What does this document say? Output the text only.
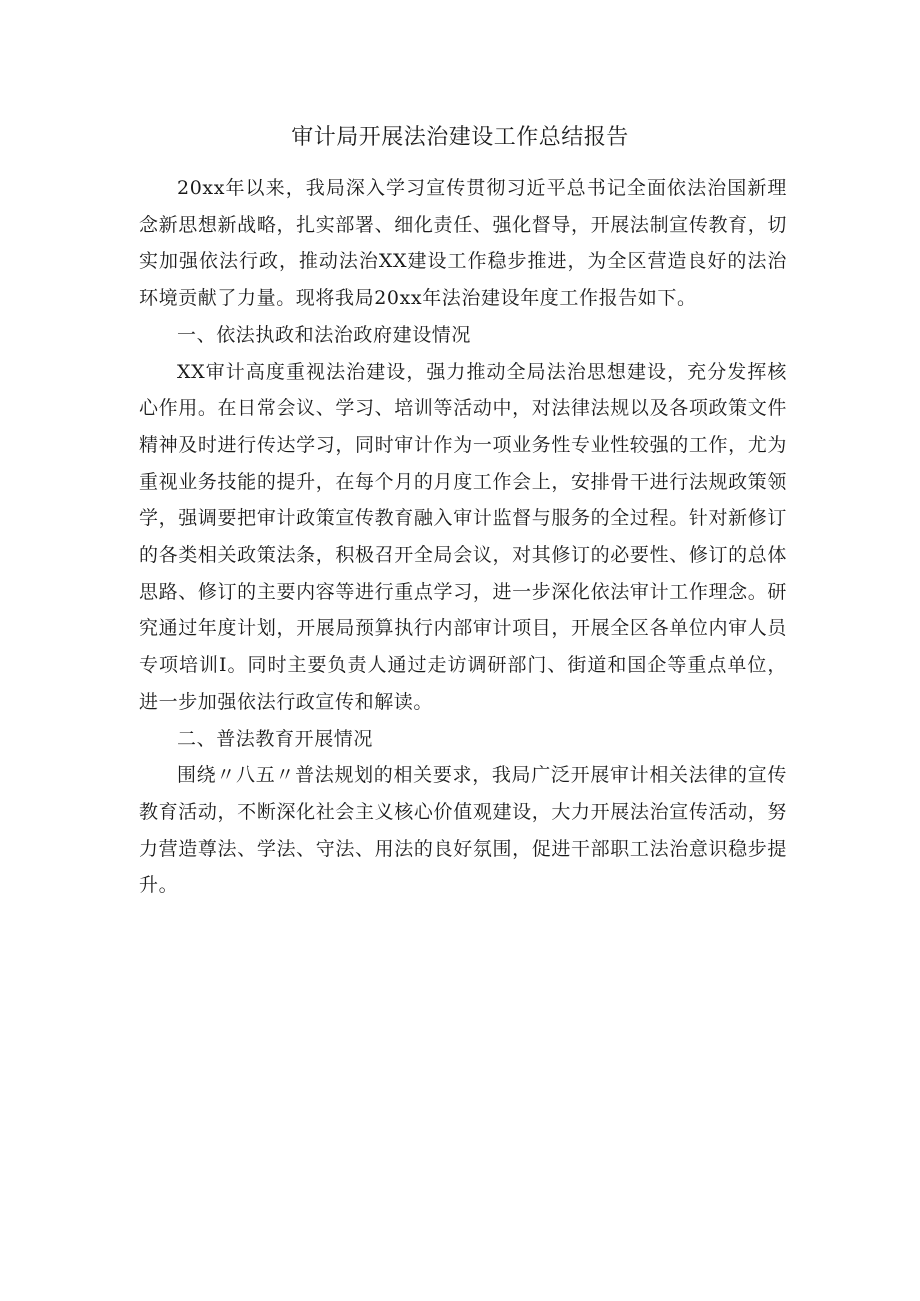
审计局开展法治建设工作总结报告

20xx年以来，我局深入学习宣传贯彻习近平总书记全面依法治国新理念新思想新战略，扎实部署、细化责任、强化督导，开展法制宣传教育，切实加强依法行政，推动法治XX建设工作稳步推进，为全区营造良好的法治环境贡献了力量。现将我局20xx年法治建设年度工作报告如下。

一、依法执政和法治政府建设情况

XX审计高度重视法治建设，强力推动全局法治思想建设，充分发挥核心作用。在日常会议、学习、培训等活动中，对法律法规以及各项政策文件精神及时进行传达学习，同时审计作为一项业务性专业性较强的工作，尤为重视业务技能的提升，在每个月的月度工作会上，安排骨干进行法规政策领学，强调要把审计政策宣传教育融入审计监督与服务的全过程。针对新修订的各类相关政策法条，积极召开全局会议，对其修订的必要性、修订的总体思路、修订的主要内容等进行重点学习，进一步深化依法审计工作理念。研究通过年度计划，开展局预算执行内部审计项目，开展全区各单位内审人员专项培训I。同时主要负责人通过走访调研部门、街道和国企等重点单位，进一步加强依法行政宣传和解读。

二、普法教育开展情况

围绕〃八五〃普法规划的相关要求，我局广泛开展审计相关法律的宣传教育活动，不断深化社会主义核心价值观建设，大力开展法治宣传活动，努力营造尊法、学法、守法、用法的良好氛围，促进干部职工法治意识稳步提升。
